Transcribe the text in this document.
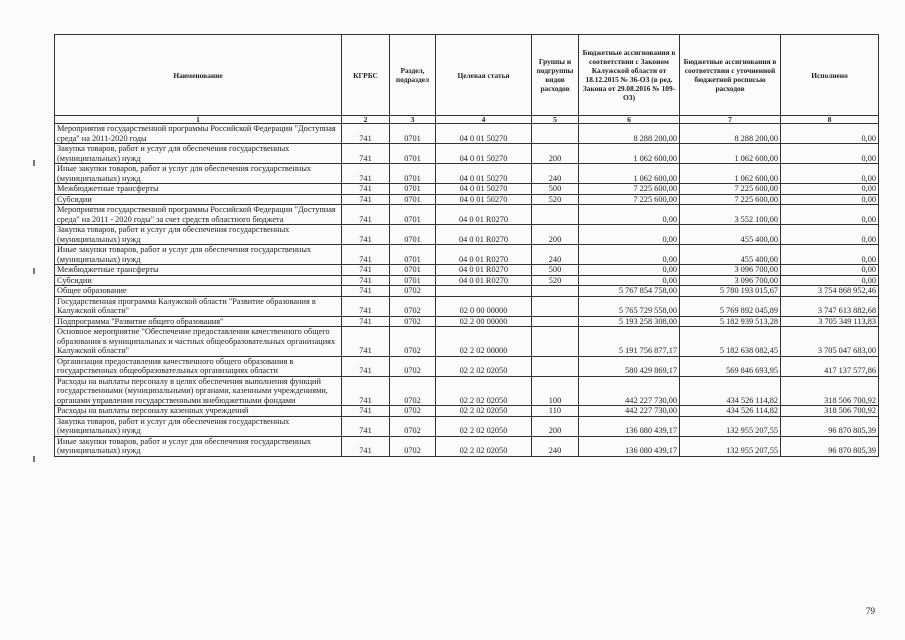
Наименование	КГРБС	Раздел, подраздел	Целевая статья	Группы и подгруппы видов расходов	Бюджетные ассигнования в соответствии с Законом Калужской области от 18.12.2015 № 36-ОЗ (в ред. Закона от 29.08.2016 № 109-ОЗ)	Бюджетные ассигнования в соответствии с уточненной бюджетной росписью расходов	Исполнено
1	2	3	4	5	6	7	8
Мероприятия государственной программы Российской Федерации "Доступная среда" на 2011-2020 годы	741	0701	04 0 01 50270		8 288 200,00	8 288 200,00	0,00
Закупка товаров, работ и услуг для обеспечения государственных (муниципальных) нужд	741	0701	04 0 01 50270	200	1 062 600,00	1 062 600,00	0,00
Иные закупки товаров, работ и услуг для обеспечения государственных (муниципальных) нужд	741	0701	04 0 01 50270	240	1 062 600,00	1 062 600,00	0,00
Межбюджетные трансферты	741	0701	04 0 01 50270	500	7 225 600,00	7 225 600,00	0,00
Субсидии	741	0701	04 0 01 50270	520	7 225 600,00	7 225 600,00	0,00
Мероприятия государственной программы Российской Федерации "Доступная среда" на 2011 - 2020 годы" за счет средств областного бюджета	741	0701	04 0 01 R0270		0,00	3 552 100,00	0,00
Закупка товаров, работ и услуг для обеспечения государственных (муниципальных) нужд	741	0701	04 0 01 R0270	200	0,00	455 400,00	0,00
Иные закупки товаров, работ и услуг для обеспечения государственных (муниципальных) нужд	741	0701	04 0 01 R0270	240	0,00	455 400,00	0,00
Межбюджетные трансферты	741	0701	04 0 01 R0270	500	0,00	3 096 700,00	0,00
Субсидии	741	0701	04 0 01 R0270	520	0,00	3 096 700,00	0,00
Общее образование	741	0702			5 767 854 758,00	5 780 193 015,67	3 754 868 952,46
Государственная программа Калужской области "Развитие образования в Калужской области"	741	0702	02 0 00 00000		5 765 729 558,00	5 769 892 045,89	3 747 613 882,68
Подпрограмма "Развитие общего образования"	741	0702	02 2 00 00000		5 193 258 308,00	5 182 939 513,28	3 705 349 113,83
Основное мероприятие "Обеспечение предоставления качественного общего образования в муниципальных и частных общеобразовательных организациях Калужской области"	741	0702	02 2 02 00000		5 191 756 877,17	5 182 638 082,45	3 705 047 683,00
Организация предоставления качественного общего образования в государственных общеобразовательных организациях области	741	0702	02 2 02 02050		580 429 869,17	569 846 693,95	417 137 577,86
Расходы на выплаты персоналу в целях обеспечения выполнения функций государственными (муниципальными) органами, казенными учреждениями, органами управления государственными внебюджетными фондами	741	0702	02 2 02 02050	100	442 227 730,00	434 526 114,82	318 506 700,92
Расходы на выплаты персоналу казенных учреждений	741	0702	02 2 02 02050	110	442 227 730,00	434 526 114,82	318 506 700,92
Закупка товаров, работ и услуг для обеспечения государственных (муниципальных) нужд	741	0702	02 2 02 02050	200	136 080 439,17	132 955 207,55	96 870 805,39
Иные закупки товаров, работ и услуг для обеспечения государственных (муниципальных) нужд	741	0702	02 2 02 02050	240	136 080 439,17	132 955 207,55	96 870 805,39
79
